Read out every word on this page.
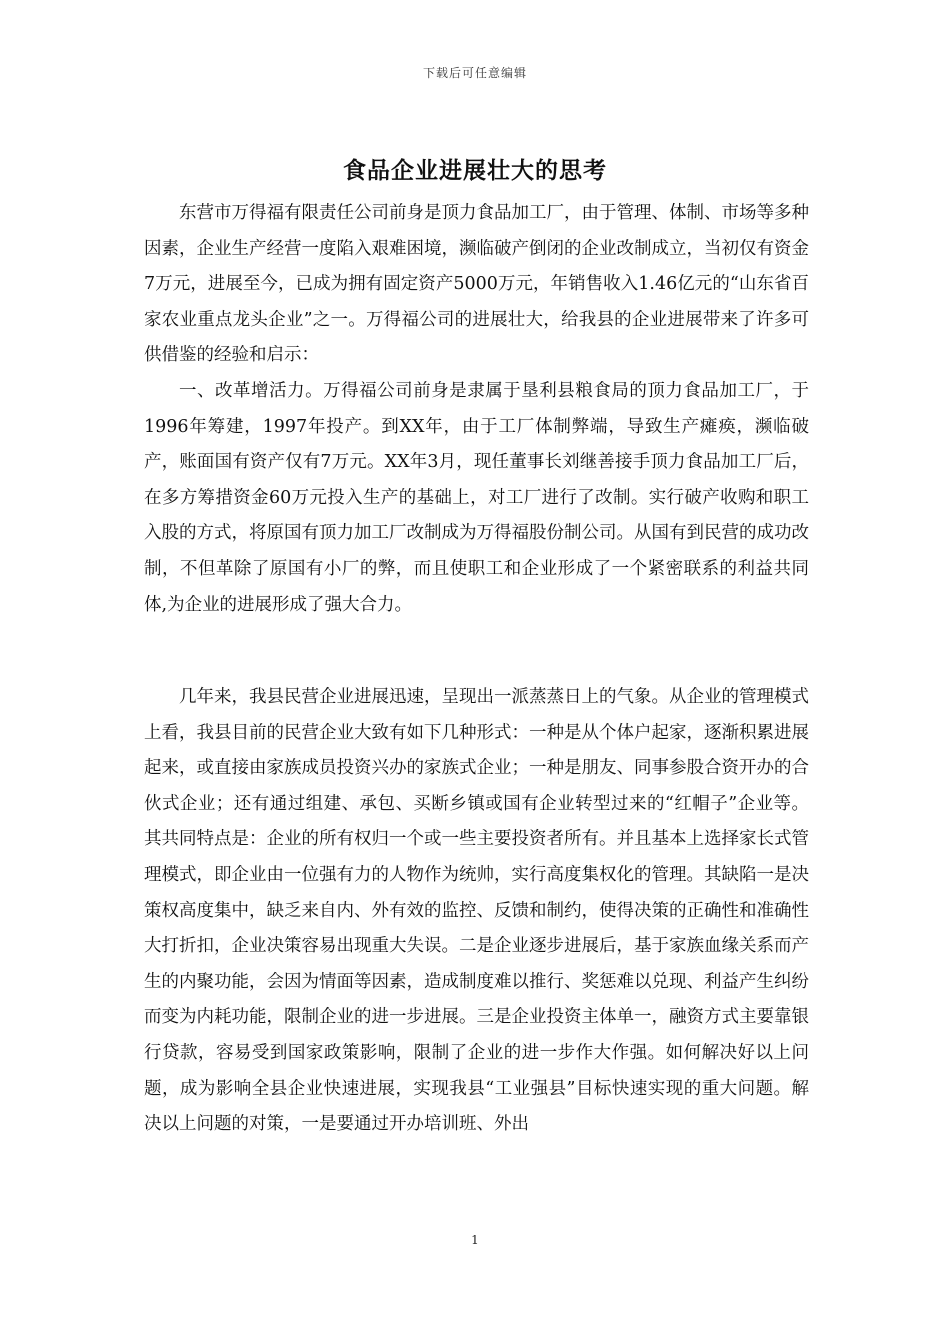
下载后可任意编辑
食品企业进展壮大的思考

东营市万得福有限责任公司前身是顶力食品加工厂，由于管理、体制、市场等多种因素，企业生产经营一度陷入艰难困境，濒临破产倒闭的企业改制成立，当初仅有资金7万元，进展至今，已成为拥有固定资产5000万元，年销售收入1.46亿元的“山东省百家农业重点龙头企业”之一。万得福公司的进展壮大，给我县的企业进展带来了许多可供借鉴的经验和启示：

一、改革增活力。万得福公司前身是隶属于垦利县粮食局的顶力食品加工厂，于1996年筹建，1997年投产。到XX年，由于工厂体制弊端，导致生产瘫痪，濒临破产，账面国有资产仅有7万元。XX年3月，现任董事长刘继善接手顶力食品加工厂后，在多方筹措资金60万元投入生产的基础上，对工厂进行了改制。实行破产收购和职工入股的方式，将原国有顶力加工厂改制成为万得福股份制公司。从国有到民营的成功改制，不但革除了原国有小厂的弊，而且使职工和企业形成了一个紧密联系的利益共同体,为企业的进展形成了强大合力。

几年来，我县民营企业进展迅速，呈现出一派蒸蒸日上的气象。从企业的管理模式上看，我县目前的民营企业大致有如下几种形式：一种是从个体户起家，逐渐积累进展起来，或直接由家族成员投资兴办的家族式企业；一种是朋友、同事参股合资开办的合伙式企业；还有通过组建、承包、买断乡镇或国有企业转型过来的“红帽子”企业等。其共同特点是：企业的所有权归一个或一些主要投资者所有。并且基本上选择家长式管理模式，即企业由一位强有力的人物作为统帅，实行高度集权化的管理。其缺陷一是决策权高度集中，缺乏来自内、外有效的监控、反馈和制约，使得决策的正确性和准确性大打折扣，企业决策容易出现重大失误。二是企业逐步进展后，基于家族血缘关系而产生的内聚功能，会因为情面等因素，造成制度难以推行、奖惩难以兑现、利益产生纠纷而变为内耗功能，限制企业的进一步进展。三是企业投资主体单一，融资方式主要靠银行贷款，容易受到国家政策影响，限制了企业的进一步作大作强。如何解决好以上问题，成为影响全县企业快速进展，实现我县“工业强县”目标快速实现的重大问题。解决以上问题的对策，一是要通过开办培训班、外出

1
